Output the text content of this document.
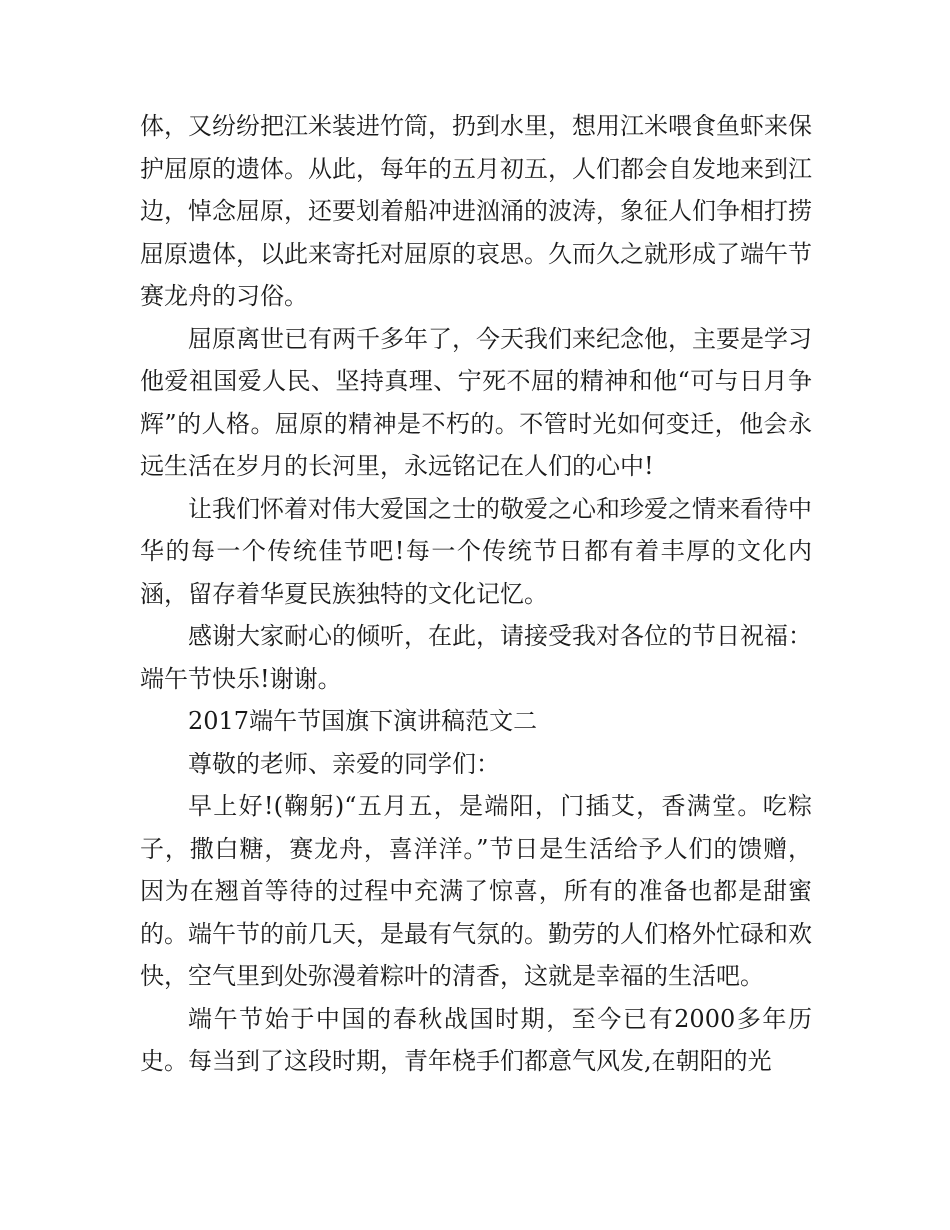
体，又纷纷把江米装进竹筒，扔到水里，想用江米喂食鱼虾来保护屈原的遗体。从此，每年的五月初五，人们都会自发地来到江边，悼念屈原，还要划着船冲进汹涌的波涛，象征人们争相打捞屈原遗体，以此来寄托对屈原的哀思。久而久之就形成了端午节赛龙舟的习俗。

屈原离世已有两千多年了，今天我们来纪念他，主要是学习他爱祖国爱人民、坚持真理、宁死不屈的精神和他“可与日月争辉”的人格。屈原的精神是不朽的。不管时光如何变迁，他会永远生活在岁月的长河里，永远铭记在人们的心中!

让我们怀着对伟大爱国之士的敬爱之心和珍爱之情来看待中华的每一个传统佳节吧!每一个传统节日都有着丰厚的文化内涵，留存着华夏民族独特的文化记忆。

感谢大家耐心的倾听，在此，请接受我对各位的节日祝福：端午节快乐!谢谢。

2017端午节国旗下演讲稿范文二

尊敬的老师、亲爱的同学们：

早上好!(鞠躬)“五月五，是端阳，门插艾，香满堂。吃粽子，撒白糖，赛龙舟，喜洋洋。”节日是生活给予人们的馈赠，因为在翘首等待的过程中充满了惊喜，所有的准备也都是甜蜜的。端午节的前几天，是最有气氛的。勤劳的人们格外忙碌和欢快，空气里到处弥漫着粽叶的清香，这就是幸福的生活吧。

端午节始于中国的春秋战国时期，至今已有2000多年历史。每当到了这段时期，青年桡手们都意气风发,在朝阳的光
